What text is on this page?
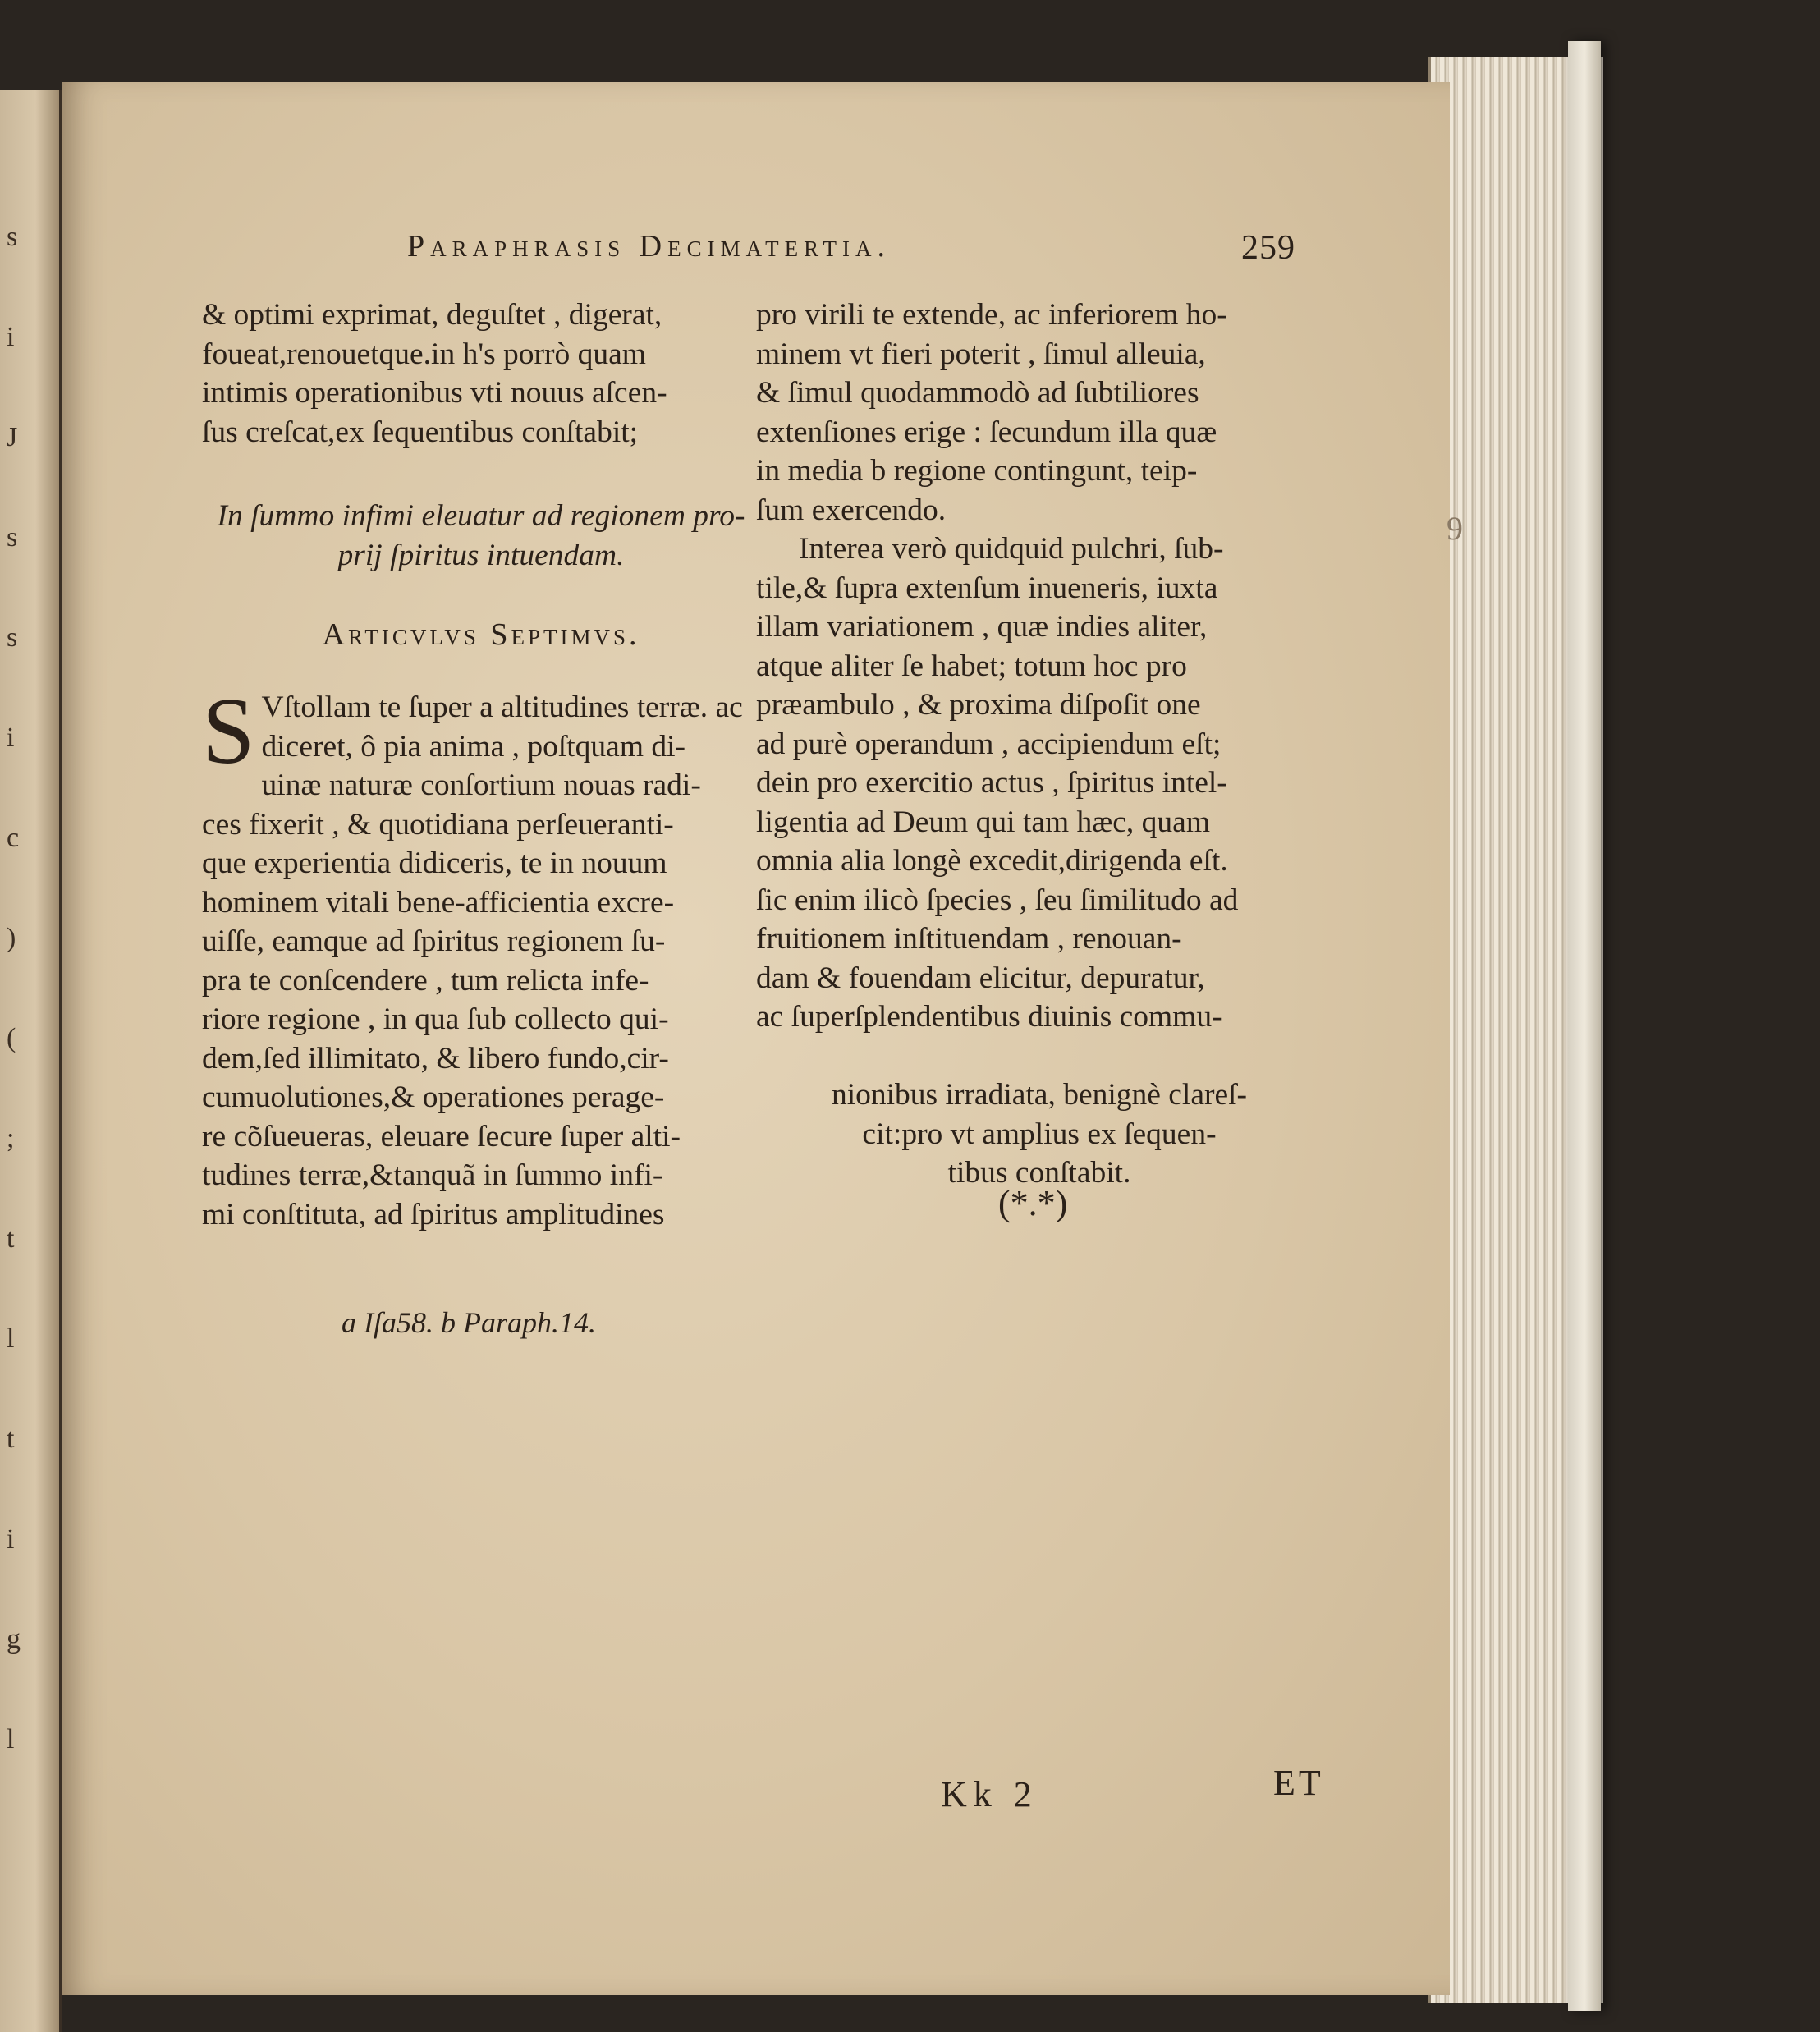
s
i
J
s
s
i
c
)
(
;
t
l
t
i
g
l
Paraphrasis Decimatertia.	259
& optimi exprimat, deguſtet , digerat,
foueat,renouetque.in h's porrò quam
intimis operationibus vti nouus aſcen-
ſus creſcat,ex ſequentibus conſtabit;
In ſummo infimi eleuatur ad regionem pro-
prij ſpiritus intuendam.
Articvlvs Septimvs.
S Vſtollam te ſuper a altitudines terræ. ac
diceret, ô pia anima , poſtquam di-
uinæ naturæ conſortium nouas radi-
ces fixerit , & quotidiana perſeueranti-
que experientia didiceris, te in nouum
hominem vitali bene-afficientia excre-
uiſſe, eamque ad ſpiritus regionem ſu-
pra te conſcendere , tum relicta infe-
riore regione , in qua ſub collecto qui-
dem,ſed illimitato, & libero fundo,cir-
cumuolutiones,& operationes perage-
re cõſueueras, eleuare ſecure ſuper alti-
tudines terræ,&tanquã in ſummo infi-
mi conſtituta, ad ſpiritus amplitudines
pro virili te extende, ac inferiorem ho-
minem vt fieri poterit , ſimul alleuia,
& ſimul quodammodò ad ſubtiliores
extenſiones erige : ſecundum illa quæ
in media b regione contingunt, teip-
ſum exercendo.
Interea verò quidquid pulchri, ſub-
tile,& ſupra extenſum inueneris, iuxta
illam variationem , quæ indies aliter,
atque aliter ſe habet; totum hoc pro
præambulo , & proxima diſpoſit one
ad purè operandum , accipiendum eſt;
dein pro exercitio actus , ſpiritus intel-
ligentia ad Deum qui tam hæc, quam
omnia alia longè excedit,dirigenda eſt.
ſic enim ilicò ſpecies , ſeu ſimilitudo ad
fruitionem inſtituendam , renouan-
dam & fouendam elicitur, depuratur,
ac ſuperſplendentibus diuinis commu-
nionibus irradiata, benignè clareſ-
cit:pro vt amplius ex ſequen-
tibus conſtabit.
(*.*)
9
a Iſa58. b Paraph.14.
Kk 2	ET
